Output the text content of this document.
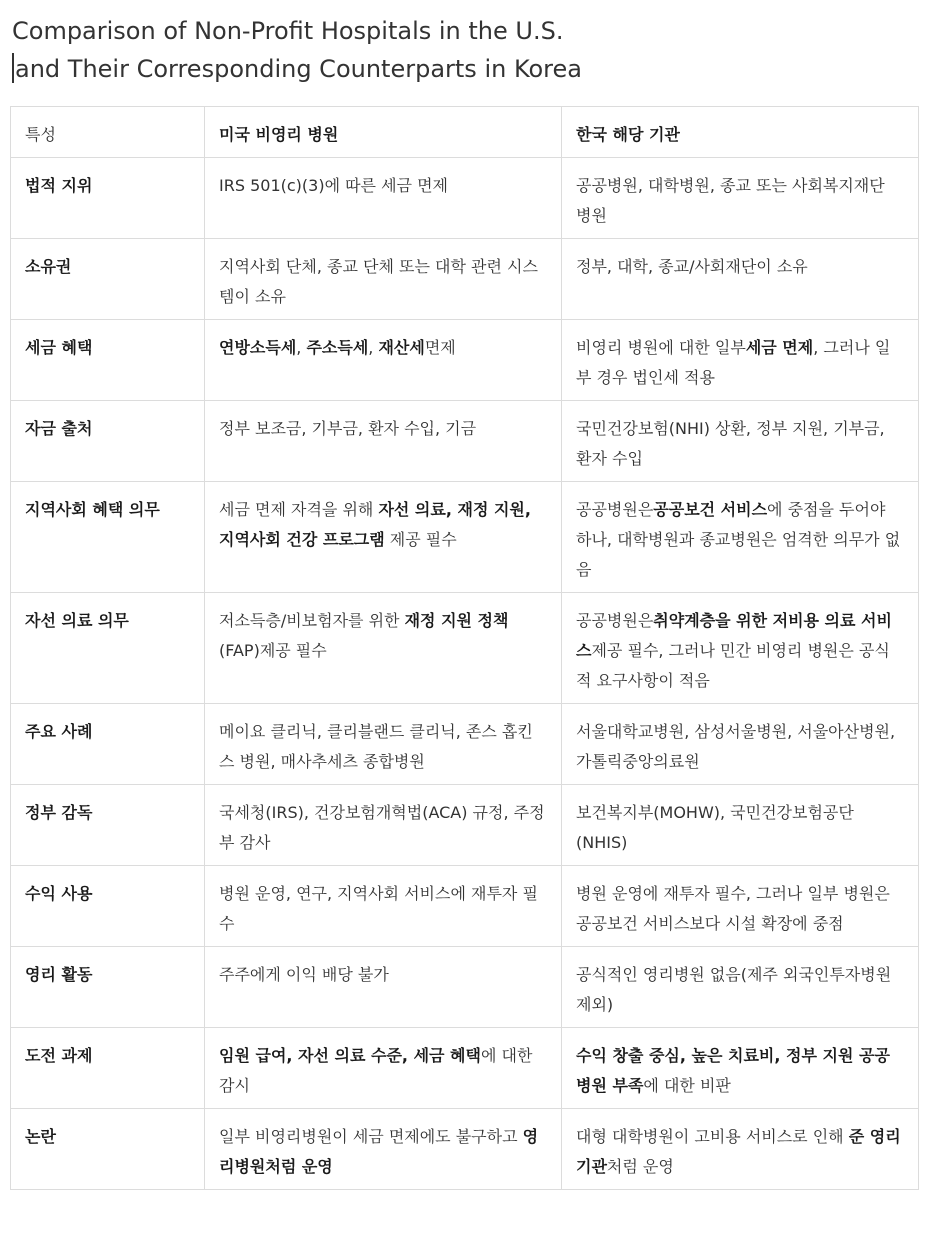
Comparison of Non-Profit Hospitals in the U.S.
and Their Corresponding Counterparts in Korea
특성	미국 비영리 병원	한국 해당 기관
법적 지위	IRS 501(c)(3)에 따른 세금 면제	공공병원, 대학병원, 종교 또는 사회복지재단 병원
소유권	지역사회 단체, 종교 단체 또는 대학 관련 시스템이 소유	정부, 대학, 종교/사회재단이 소유
세금 혜택	연방소득세, 주소득세, 재산세면제	비영리 병원에 대한 일부세금 면제, 그러나 일부 경우 법인세 적용
자금 출처	정부 보조금, 기부금, 환자 수입, 기금	국민건강보험(NHI) 상환, 정부 지원, 기부금, 환자 수입
지역사회 혜택 의무	세금 면제 자격을 위해 자선 의료, 재정 지원, 지역사회 건강 프로그램 제공 필수	공공병원은공공보건 서비스에 중점을 두어야 하나, 대학병원과 종교병원은 엄격한 의무가 없음
자선 의료 의무	저소득층/비보험자를 위한 재정 지원 정책(FAP)제공 필수	공공병원은취약계층을 위한 저비용 의료 서비스제공 필수, 그러나 민간 비영리 병원은 공식적 요구사항이 적음
주요 사례	메이요 클리닉, 클리블랜드 클리닉, 존스 홉킨스 병원, 매사추세츠 종합병원	서울대학교병원, 삼성서울병원, 서울아산병원, 가톨릭중앙의료원
정부 감독	국세청(IRS), 건강보험개혁법(ACA) 규정, 주정부 감사	보건복지부(MOHW), 국민건강보험공단(NHIS)
수익 사용	병원 운영, 연구, 지역사회 서비스에 재투자 필수	병원 운영에 재투자 필수, 그러나 일부 병원은 공공보건 서비스보다 시설 확장에 중점
영리 활동	주주에게 이익 배당 불가	공식적인 영리병원 없음(제주 외국인투자병원 제외)
도전 과제	임원 급여, 자선 의료 수준, 세금 혜택에 대한 감시	수익 창출 중심, 높은 치료비, 정부 지원 공공병원 부족에 대한 비판
논란	일부 비영리병원이 세금 면제에도 불구하고 영리병원처럼 운영	대형 대학병원이 고비용 서비스로 인해 준 영리 기관처럼 운영
